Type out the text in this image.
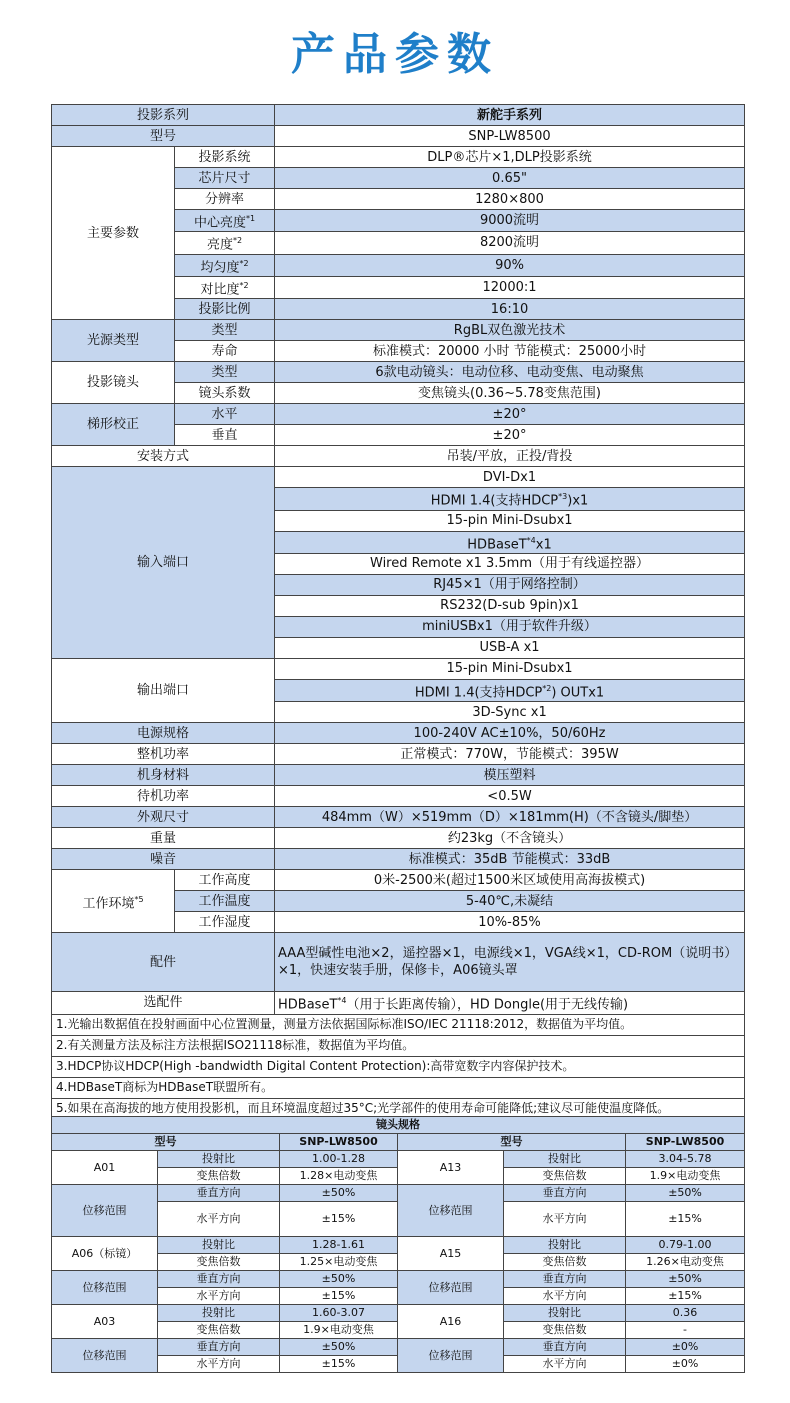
产品参数
投影系列		新舵手系列
型号		SNP-LW8500
主要参数	投影系统	DLP®芯片×1,DLP投影系统
	芯片尺寸	0.65"
	分辨率	1280×800
	中心亮度$^{*1}$	9000流明
	亮度$^{*2}$	8200流明
	均匀度$^{*2}$	90%
	对比度$^{*2}$	12000:1
	投影比例	16:10
光源类型	类型	RgBL双色激光技术
	寿命	标准模式：20000 小时 节能模式：25000小时
投影镜头	类型	6款电动镜头：电动位移、电动变焦、电动聚焦
	镜头系数	变焦镜头(0.36~5.78变焦范围)
梯形校正	水平	±20°
	垂直	±20°
安装方式		吊装/平放，正投/背投
输入端口		DVI-Dx1
		HDMI 1.4(支持HDCP$^{*3}$)x1
		15-pin Mini-Dsubx1
		HDBaseT$^{*4}$x1
		Wired Remote x1 3.5mm（用于有线遥控器）
		RJ45×1（用于网络控制）
		RS232(D-sub 9pin)x1
		miniUSBx1（用于软件升级）
		USB-A x1
输出端口		15-pin Mini-Dsubx1
		HDMI 1.4(支持HDCP$^{*2}$) OUTx1
		3D-Sync x1
电源规格		100-240V AC±10%，50/60Hz
整机功率		正常模式：770W，节能模式：395W
机身材料		模压塑料
待机功率		<0.5W
外观尺寸		484mm（W）×519mm（D）×181mm(H)（不含镜头/脚垫）
重量		约23kg（不含镜头）
噪音		标准模式：35dB 节能模式：33dB
工作环境$^{*5}$	工作高度	0米-2500米(超过1500米区域使用高海拔模式)
	工作温度	5-40℃,未凝结
	工作湿度	10%-85%
配件		AAA型碱性电池×2，遥控器×1，电源线×1，VGA线×1，CD-ROM（说明书）×1，快速安装手册，保修卡，A06镜头罩
选配件		HDBaseT$^{*4}$（用于长距离传输），HD Dongle(用于无线传输)
1.光输出数据值在投射画面中心位置测量，测量方法依据国际标准ISO/IEC 21118:2012，数据值为平均值。		
2.有关测量方法及标注方法根据ISO21118标准，数据值为平均值。		
3.HDCP协议HDCP(High -bandwidth Digital Content Protection):高带宽数字内容保护技术。		
4.HDBaseT商标为HDBaseT联盟所有。		
5.如果在高海拔的地方使用投影机，而且环境温度超过35°C;光学部件的使用寿命可能降低;建议尽可能使温度降低。		
镜头规格					
型号		SNP-LW8500	型号		SNP-LW8500
A01	投射比	1.00-1.28	A13	投射比	3.04-5.78
	变焦倍数	1.28×电动变焦		变焦倍数	1.9×电动变焦
位移范围	垂直方向	±50%	位移范围	垂直方向	±50%
	水平方向	±15%		水平方向	±15%
A06（标镜）	投射比	1.28-1.61	A15	投射比	0.79-1.00
	变焦倍数	1.25×电动变焦		变焦倍数	1.26×电动变焦
位移范围	垂直方向	±50%	位移范围	垂直方向	±50%
	水平方向	±15%		水平方向	±15%
A03	投射比	1.60-3.07	A16	投射比	0.36
	变焦倍数	1.9×电动变焦		变焦倍数	-
位移范围	垂直方向	±50%	位移范围	垂直方向	±0%
	水平方向	±15%		水平方向	±0%
